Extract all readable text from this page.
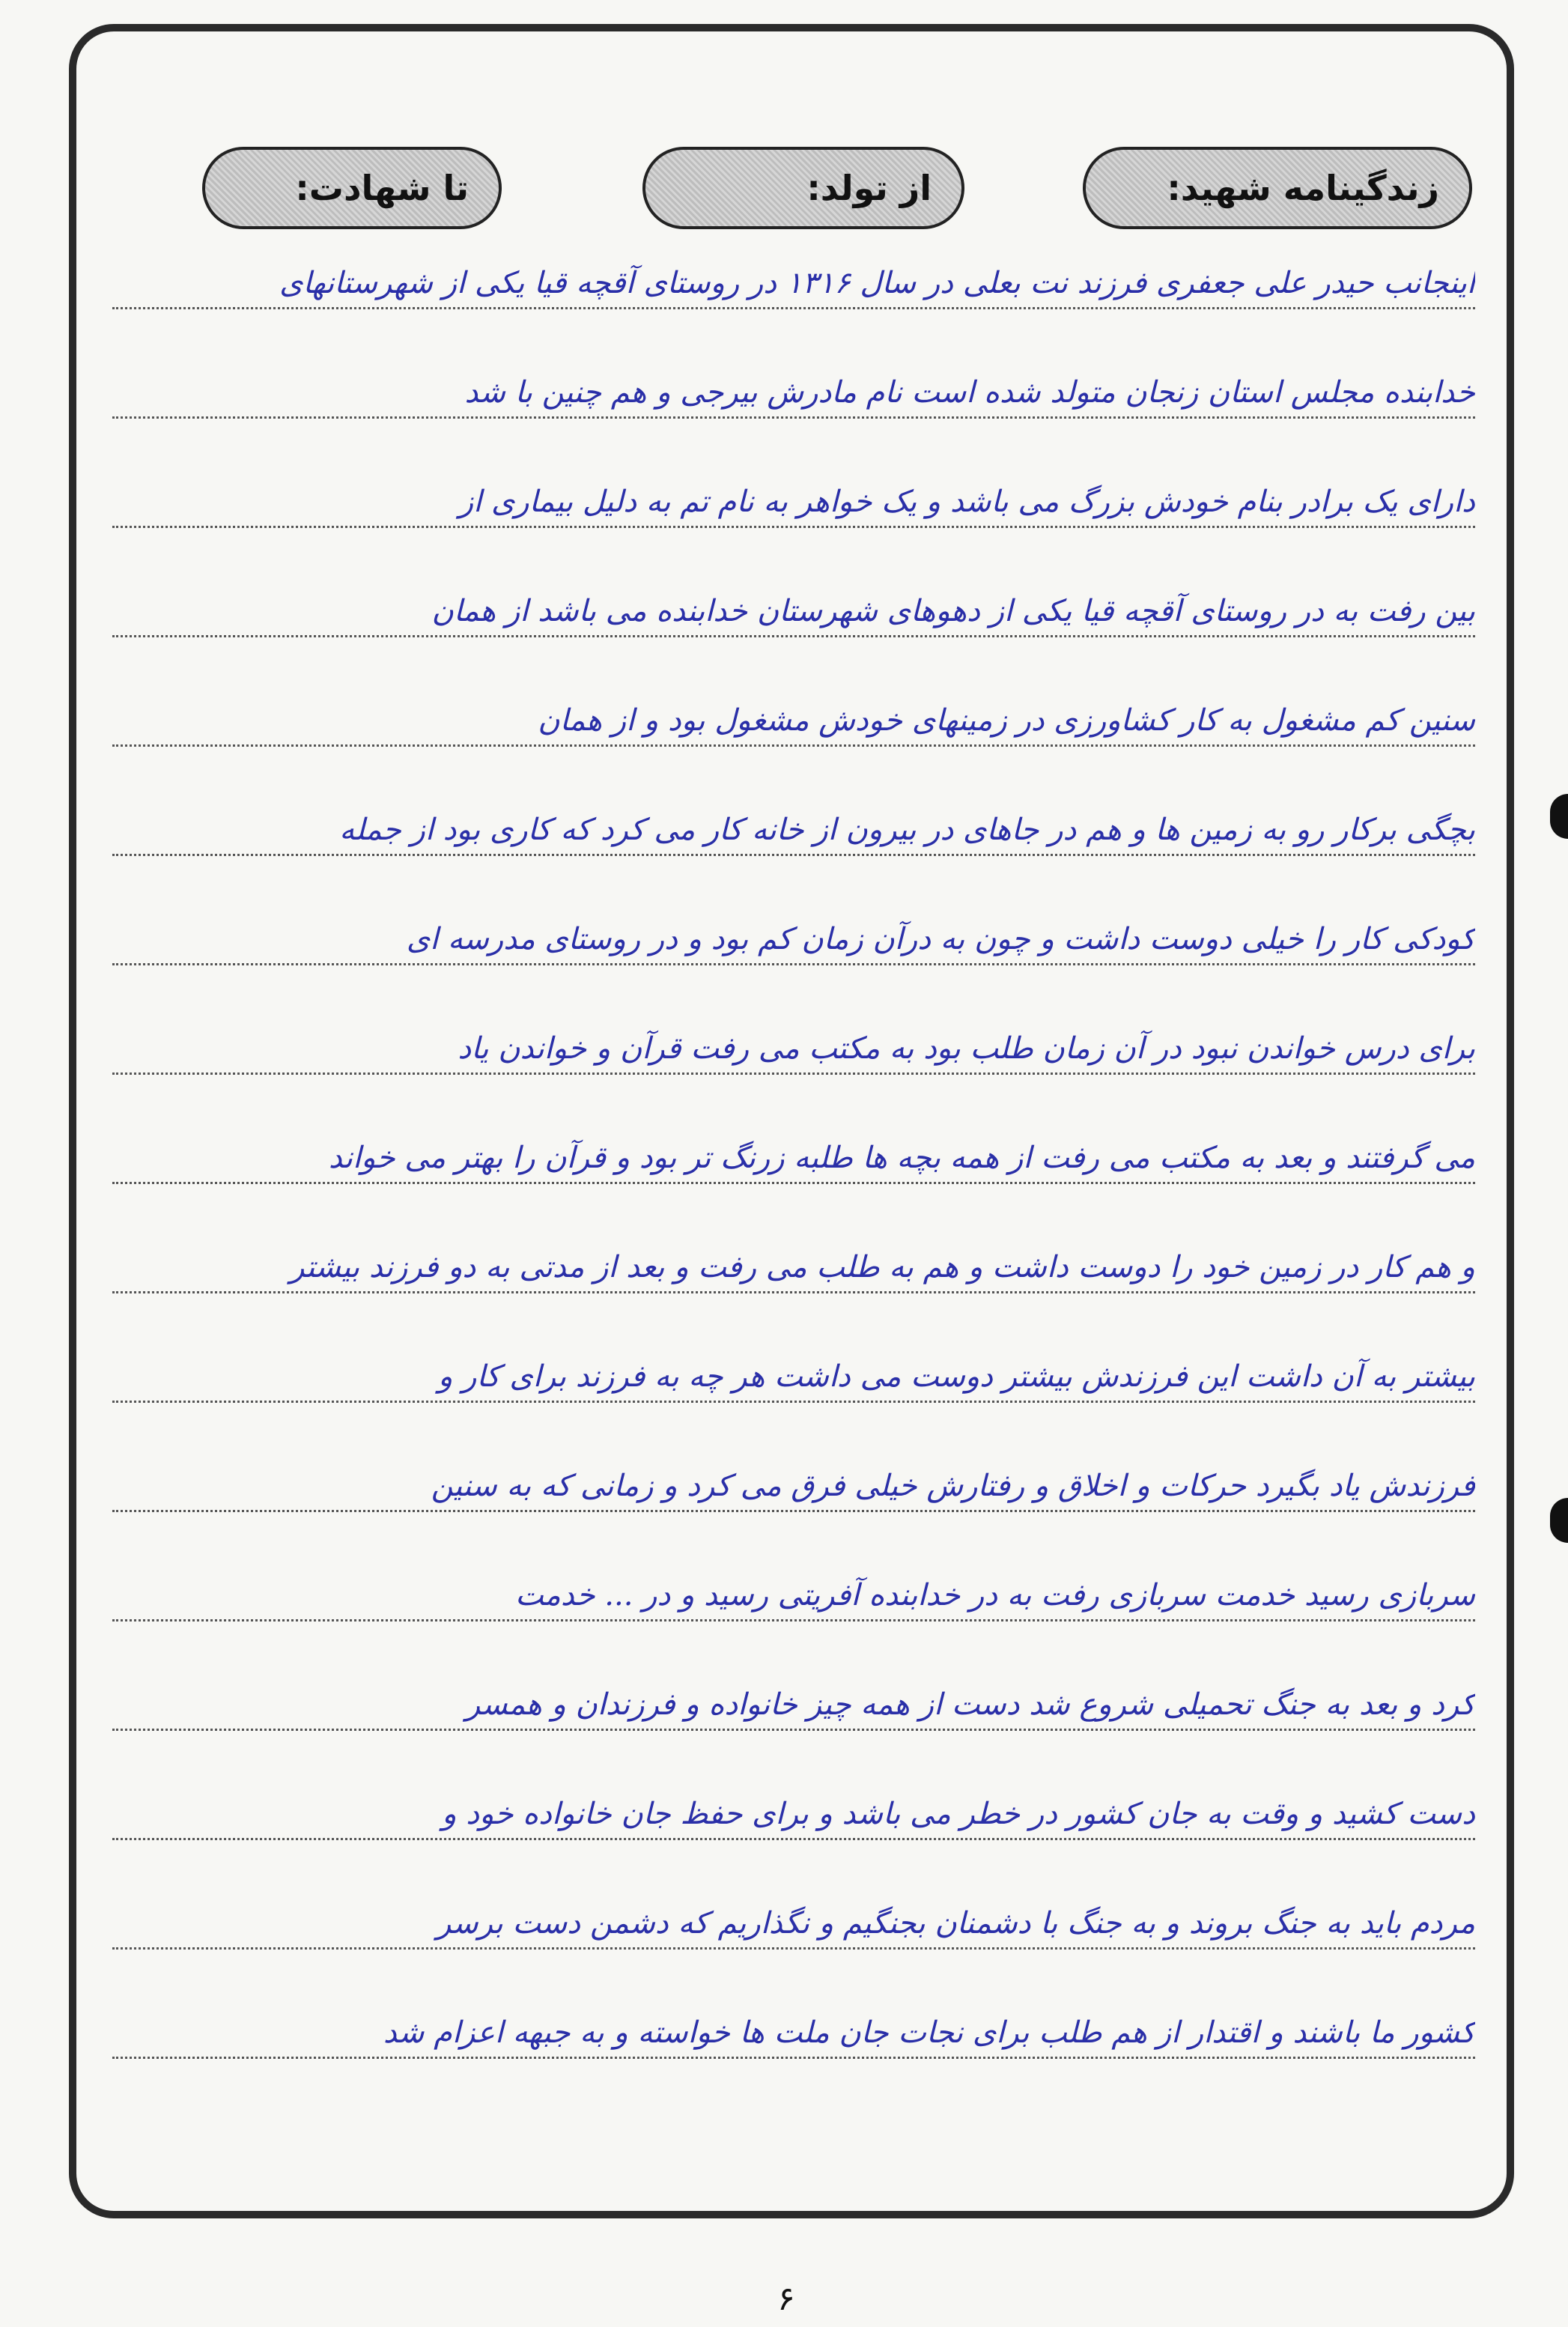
زندگینامه شهید:
از تولد:
تا شهادت:
اینجانب حیدر علی جعفری فرزند نت بعلی در سال ۱۳۱۶ در روستای آقچه قیا یکی از شهرستانهای
خدابنده مجلس استان زنجان متولد شده است نام مادرش بیرجی و هم چنین با شد
دارای یک برادر بنام خودش بزرگ می باشد و یک خواهر به نام تم به دلیل بیماری از
بین رفت به در روستای آقچه قیا یکی از دهوهای شهرستان خدابنده می باشد از همان
سنین کم مشغول به کار کشاورزی در زمینهای خودش مشغول بود و از همان
بچگی برکار رو به زمین ها و هم در جاهای در بیرون از خانه کار می کرد که کاری بود از جمله
کودکی کار را خیلی دوست داشت و چون به درآن زمان کم بود و در روستای مدرسه ای
برای درس خواندن نبود در آن زمان طلب بود به مکتب می رفت قرآن و خواندن یاد
می گرفتند و بعد به مکتب می رفت از همه بچه ها طلبه زرنگ تر بود و قرآن را بهتر می خواند
و هم کار در زمین خود را دوست داشت و هم به طلب می رفت و بعد از مدتی به دو فرزند بیشتر
بیشتر به آن داشت این فرزندش بیشتر دوست می داشت هر چه به فرزند برای کار و
فرزندش یاد بگیرد حرکات و اخلاق و رفتارش خیلی فرق می کرد و زمانی که به سنین
سربازی رسید خدمت سربازی رفت به در خدابنده آفریتی رسید و در ... خدمت
کرد و بعد به جنگ تحمیلی شروع شد دست از همه چیز خانواده و فرزندان و همسر
دست کشید و وقت به جان کشور در خطر می باشد و برای حفظ جان خانواده خود و
مردم باید به جنگ بروند و به جنگ با دشمنان بجنگیم و نگذاریم که دشمن دست برسر
کشور ما باشند و اقتدار از هم طلب برای نجات جان ملت ها خواسته و به جبهه اعزام شد
۶
